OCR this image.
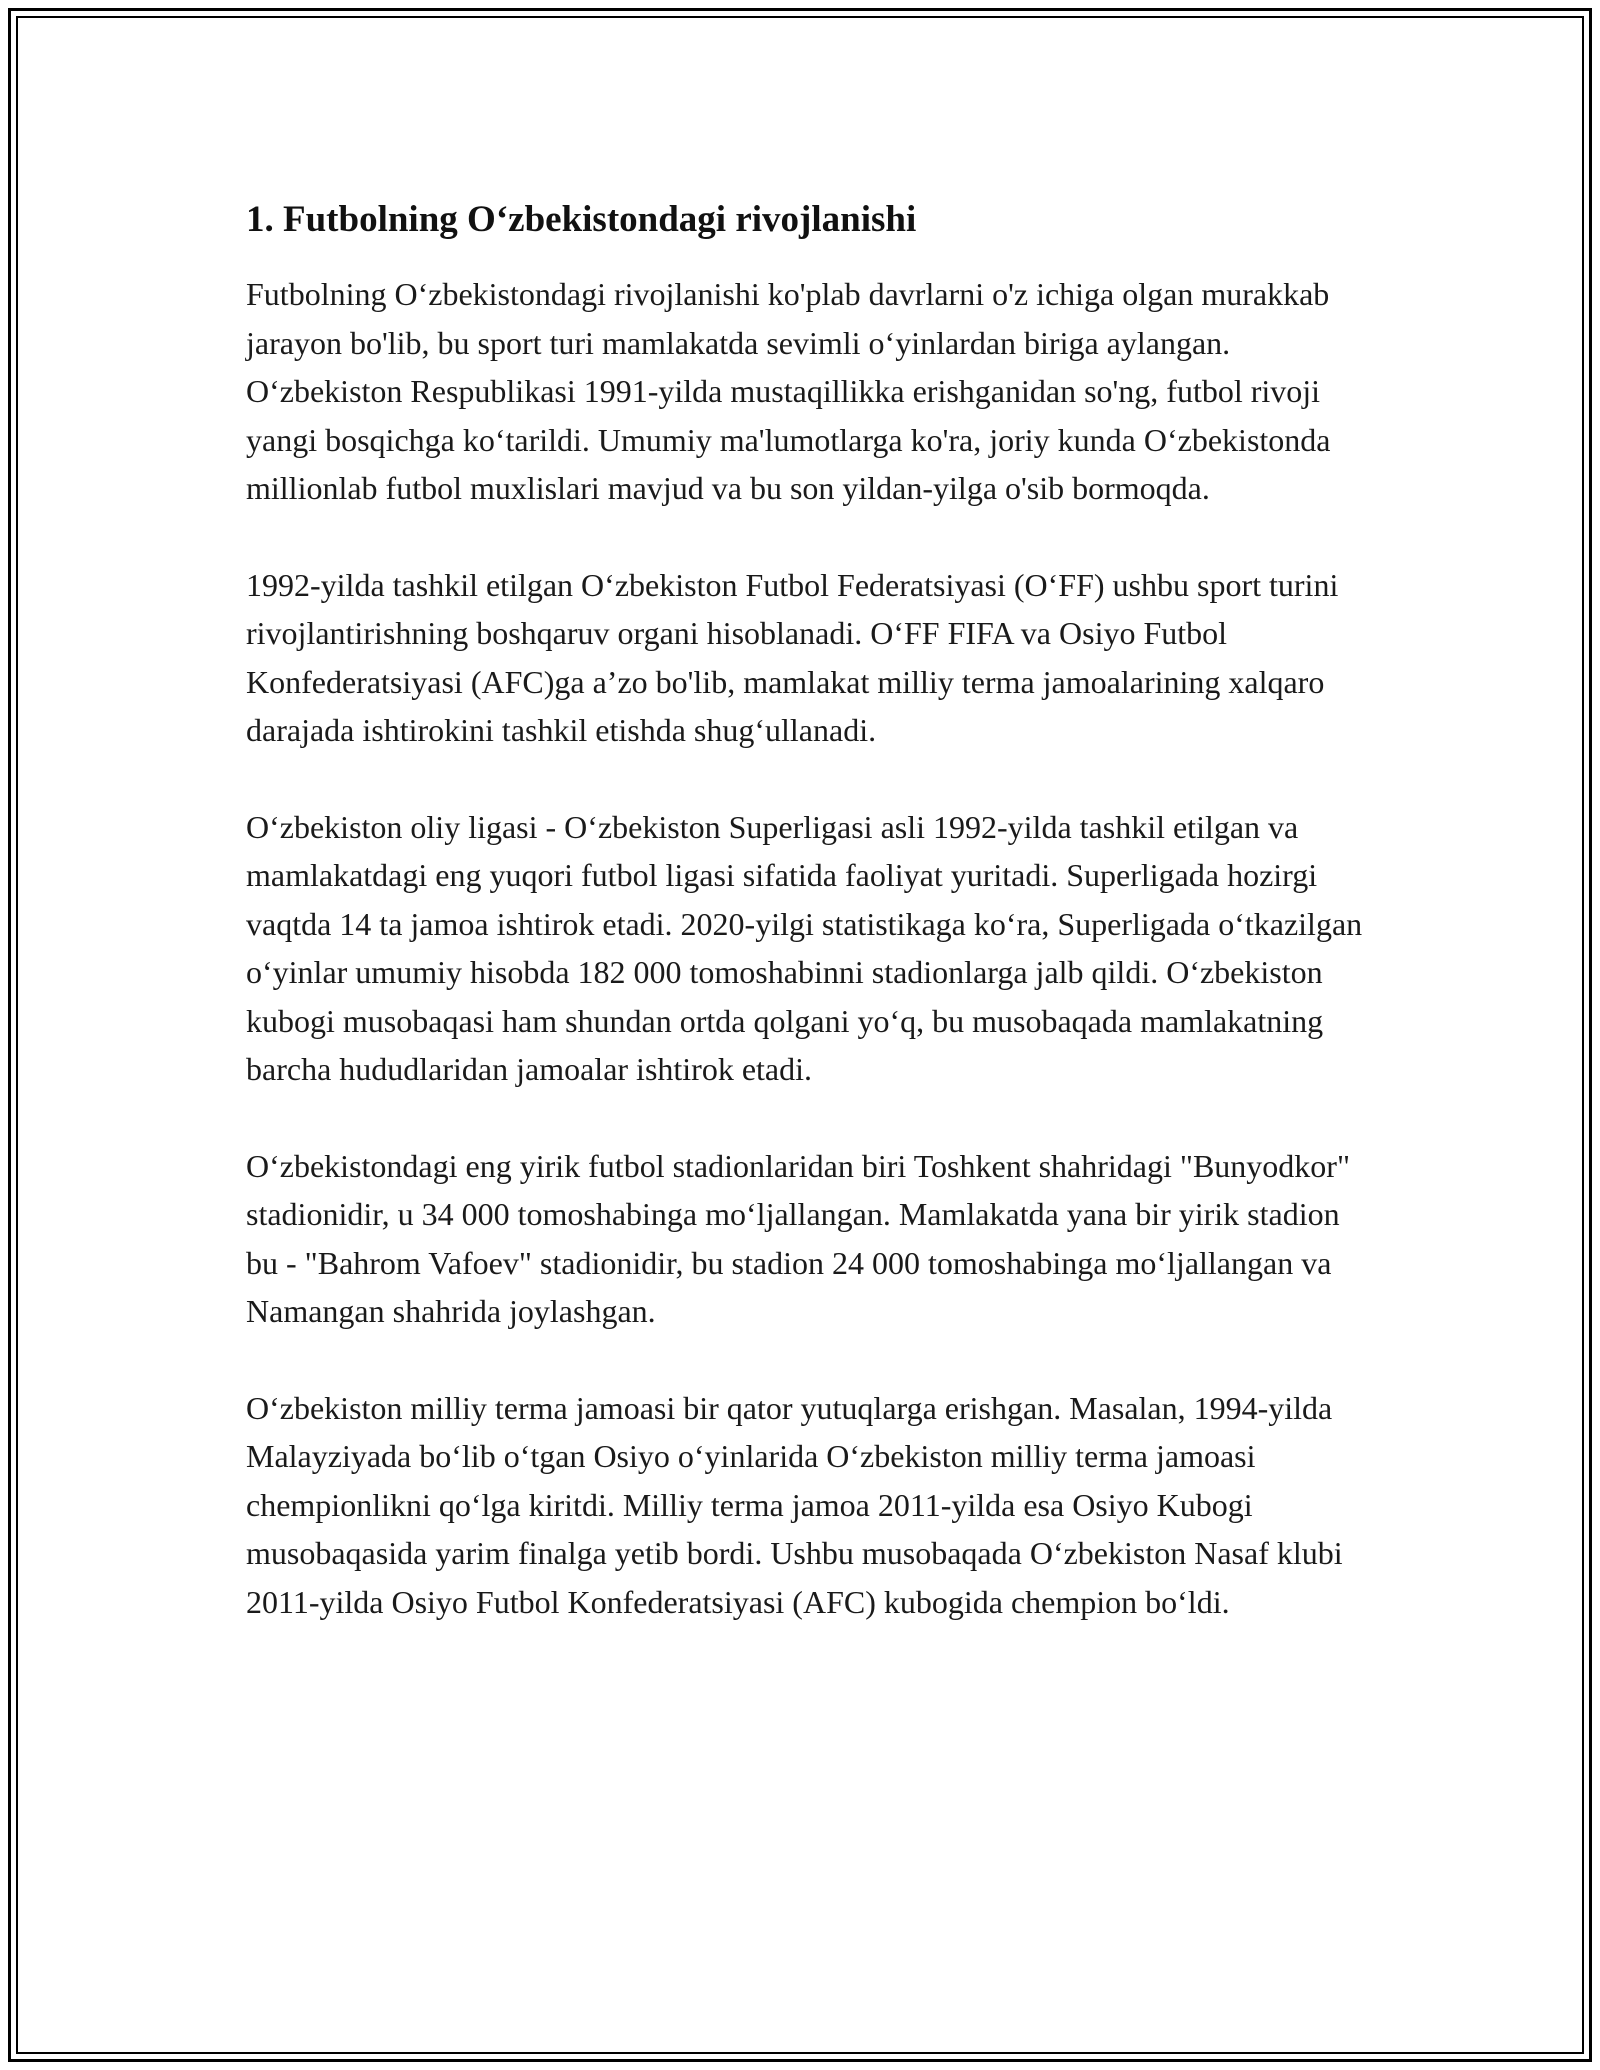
1. Futbolning O‘zbekistondagi rivojlanishi

Futbolning O‘zbekistondagi rivojlanishi ko'plab davrlarni o'z ichiga olgan murakkab jarayon bo'lib, bu sport turi mamlakatda sevimli o‘yinlardan biriga aylangan. O‘zbekiston Respublikasi 1991-yilda mustaqillikka erishganidan so'ng, futbol rivoji yangi bosqichga ko‘tarildi. Umumiy ma'lumotlarga ko'ra, joriy kunda O‘zbekistonda millionlab futbol muxlislari mavjud va bu son yildan-yilga o'sib bormoqda.

1992-yilda tashkil etilgan O‘zbekiston Futbol Federatsiyasi (O‘FF) ushbu sport turini rivojlantirishning boshqaruv organi hisoblanadi. O‘FF FIFA va Osiyo Futbol Konfederatsiyasi (AFC)ga a’zo bo'lib, mamlakat milliy terma jamoalarining xalqaro darajada ishtirokini tashkil etishda shug‘ullanadi.

O‘zbekiston oliy ligasi - O‘zbekiston Superligasi asli 1992-yilda tashkil etilgan va mamlakatdagi eng yuqori futbol ligasi sifatida faoliyat yuritadi. Superligada hozirgi vaqtda 14 ta jamoa ishtirok etadi. 2020-yilgi statistikaga ko‘ra, Superligada o‘tkazilgan o‘yinlar umumiy hisobda 182 000 tomoshabinni stadionlarga jalb qildi. O‘zbekiston kubogi musobaqasi ham shundan ortda qolgani yo‘q, bu musobaqada mamlakatning barcha hududlaridan jamoalar ishtirok etadi.

O‘zbekistondagi eng yirik futbol stadionlaridan biri Toshkent shahridagi "Bunyodkor" stadionidir, u 34 000 tomoshabinga mo‘ljallangan. Mamlakatda yana bir yirik stadion bu - "Bahrom Vafoev" stadionidir, bu stadion 24 000 tomoshabinga mo‘ljallangan va Namangan shahrida joylashgan.

O‘zbekiston milliy terma jamoasi bir qator yutuqlarga erishgan. Masalan, 1994-yilda Malayziyada bo‘lib o‘tgan Osiyo o‘yinlarida O‘zbekiston milliy terma jamoasi chempionlikni qo‘lga kiritdi. Milliy terma jamoa 2011-yilda esa Osiyo Kubogi musobaqasida yarim finalga yetib bordi. Ushbu musobaqada O‘zbekiston Nasaf klubi 2011-yilda Osiyo Futbol Konfederatsiyasi (AFC) kubogida chempion bo‘ldi.
